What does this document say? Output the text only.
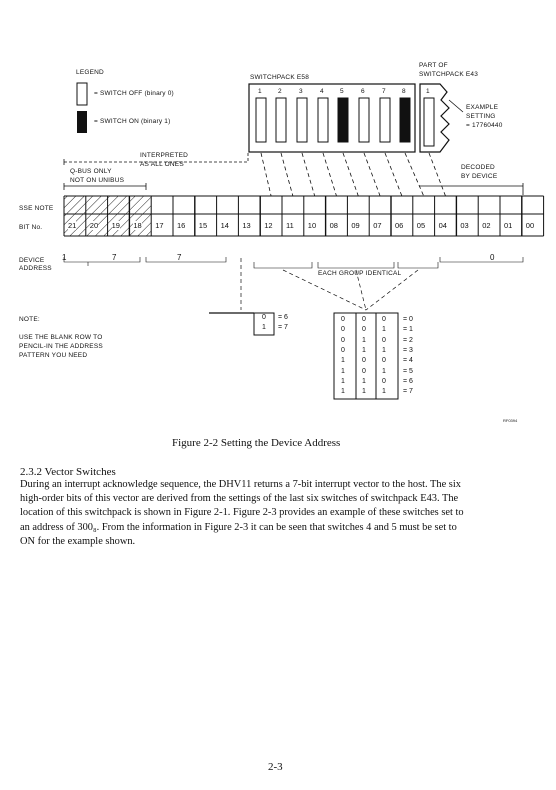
LEGEND
= SWITCH OFF (binary 0)
= SWITCH ON (binary 1)
SWITCHPACK E58
1 2	3	4 5	6	7 8
PART OF
SWITCHPACK E43
1
EXAMPLE
SETTING
= 17760440
INTERPRETED
AS ALL ONES
Q-BUS ONLY
NOT ON UNIBUS
DECODED
BY DEVICE
SSE NOTE
BIT No.
DEVICE
ADDRESS
21 20 19 18 17 16 15 14 13 12 11 10 08 09 07 06 05 04 03 02 01 00
1	7	7	0
EACH GROUP IDENTICAL
NOTE:
USE THE BLANK ROW TO
PENCIL-IN THE ADDRESS
PATTERN YOU NEED
0 = 6
1 = 7
0 0 0 = 0
0 0 1 = 1
0 1 0 = 2
0 1 1 = 3
1 0 0 = 4
1 0 1 = 5
1 1 0 = 6
1 1 1 = 7
RF0394
Figure 2-2 Setting the Device Address
2.3.2 Vector Switches
During an interrupt acknowledge sequence, the DHV11 returns a 7-bit interrupt vector to the host. The six
high-order bits of this vector are derived from the settings of the last six switches of switchpack E43. The
location of this switchpack is shown in Figure 2-1. Figure 2-3 provides an example of these switches set to
an address of 300₈. From the information in Figure 2-3 it can be seen that switches 4 and 5 must be set to
ON for the example shown.
2-3
